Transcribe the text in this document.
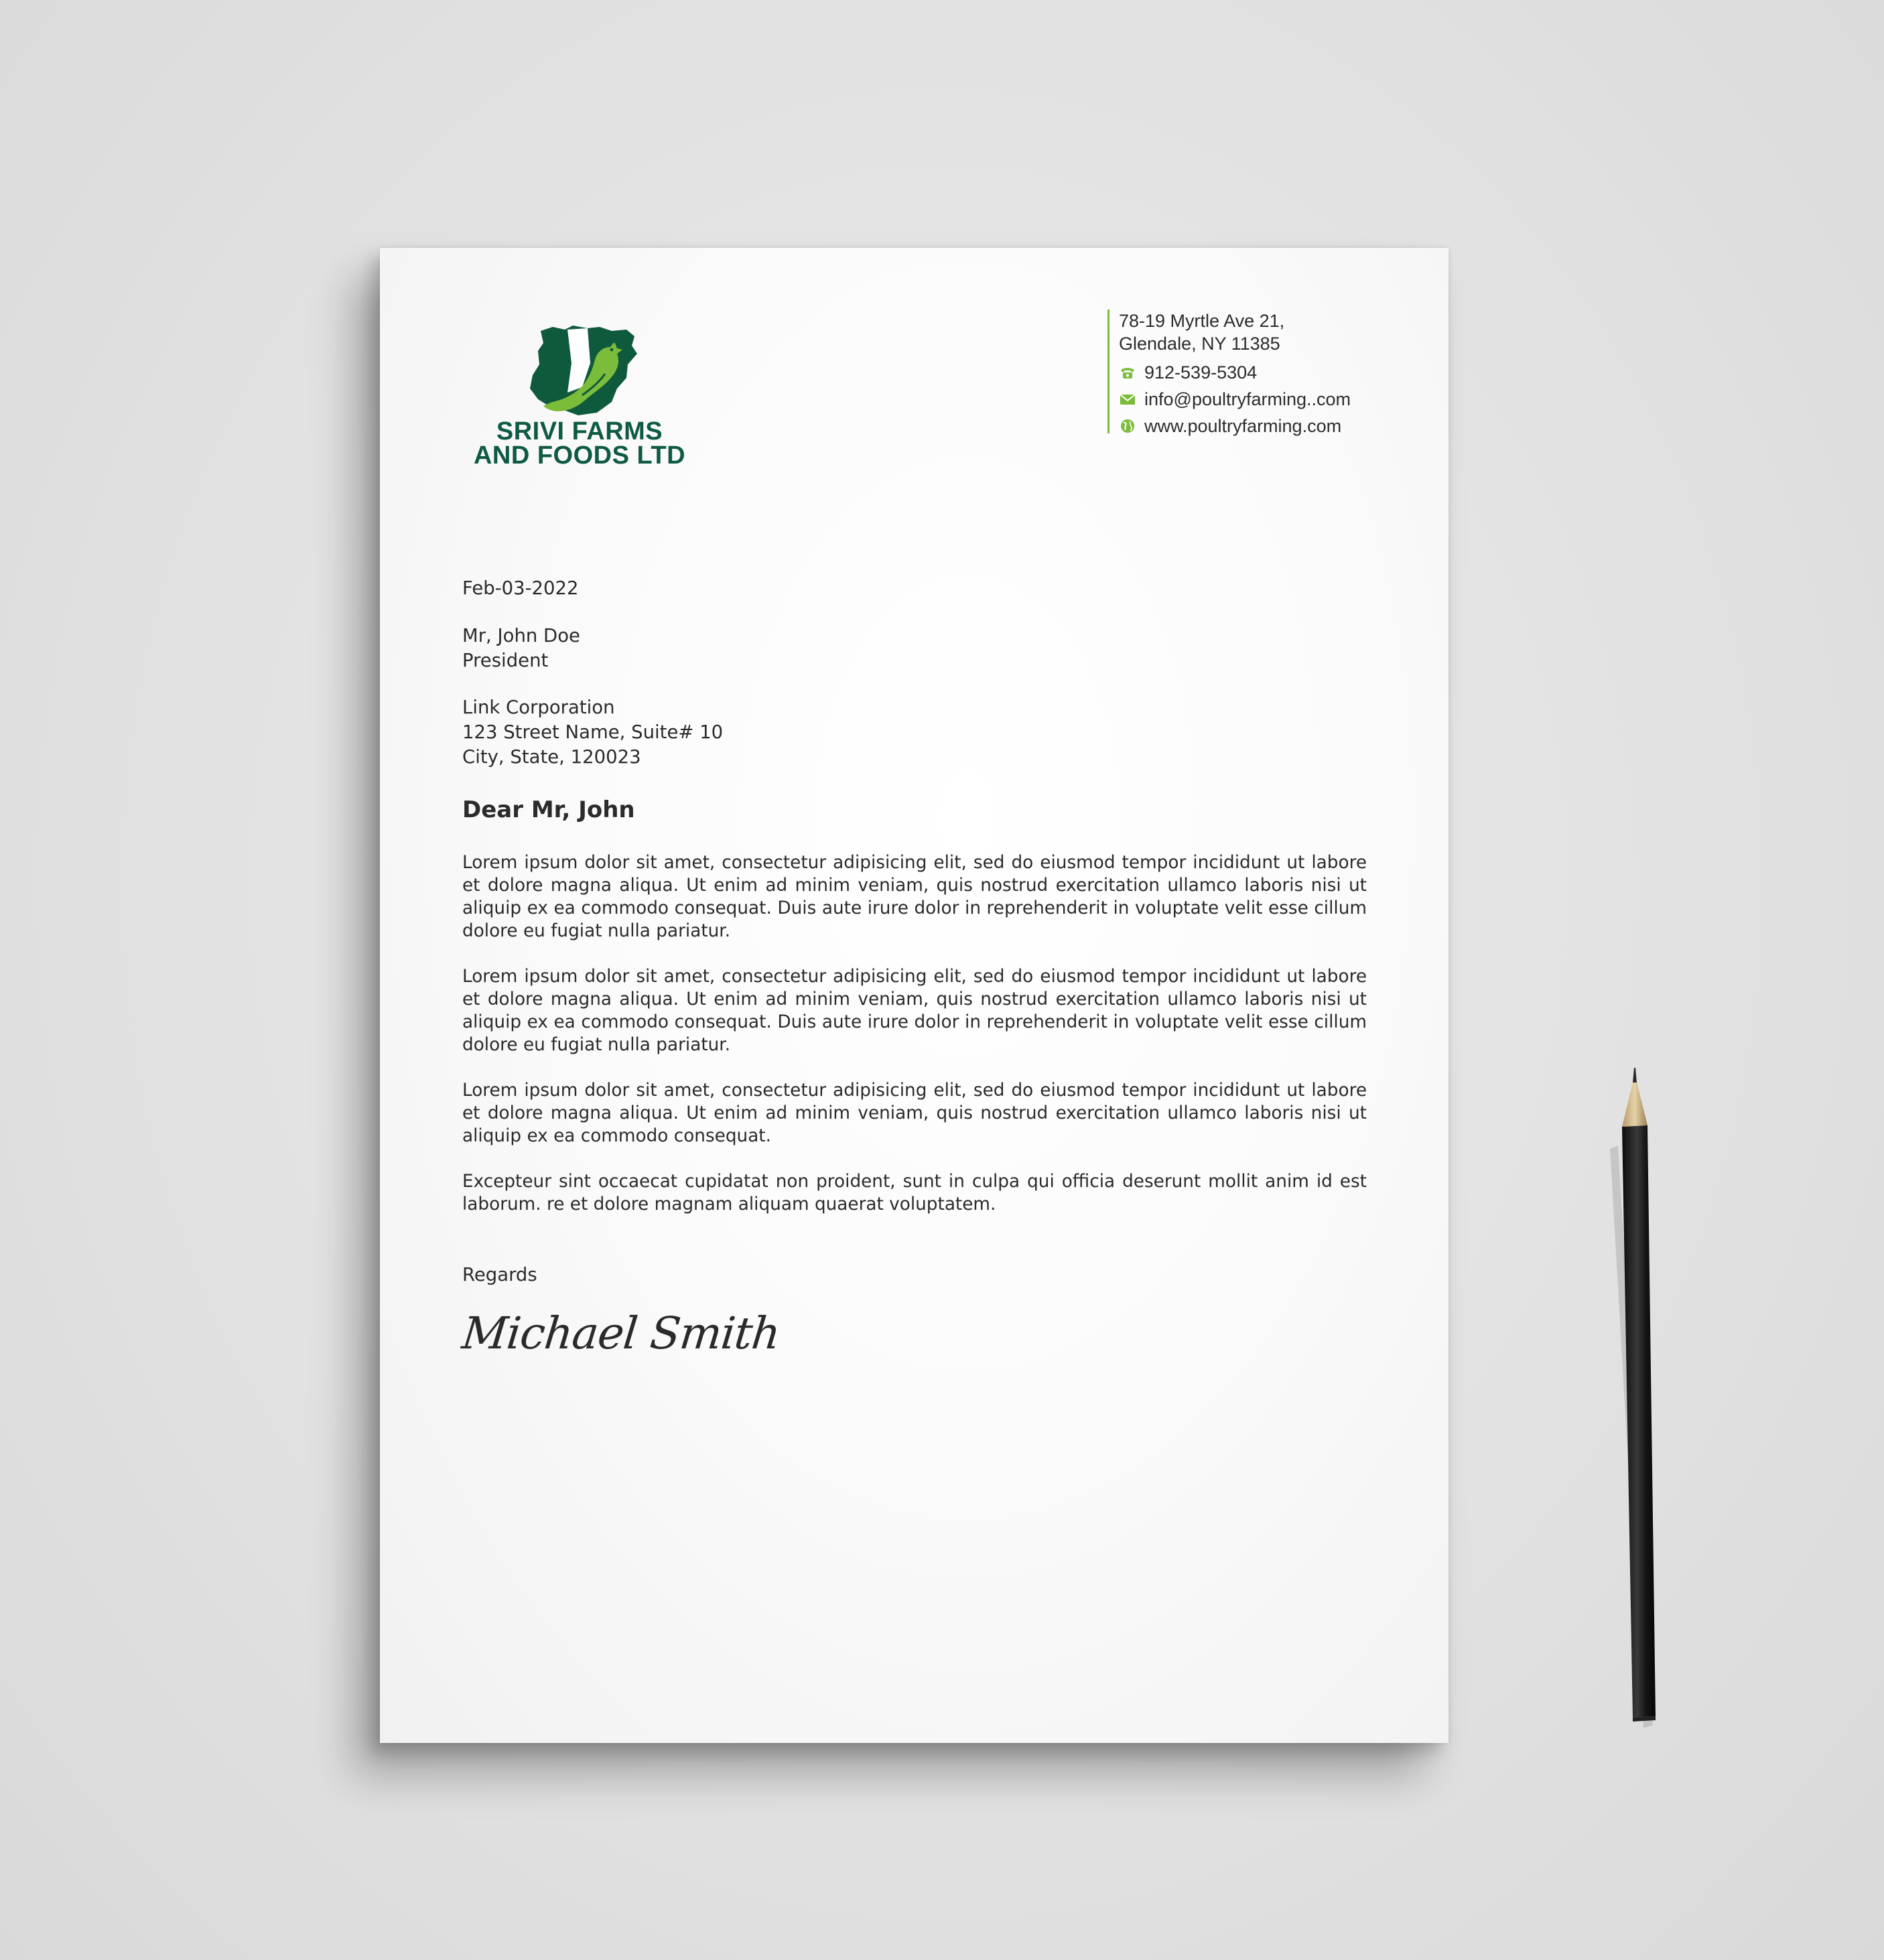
SRIVI FARMS
AND FOODS LTD
78-19 Myrtle Ave 21,
Glendale, NY 11385
912-539-5304
info@poultryfarming..com
www.poultryfarming.com
Feb-03-2022
Mr, John Doe
President
Link Corporation
123 Street Name, Suite# 10
City, State, 120023
Dear Mr, John

Lorem ipsum dolor sit amet, consectetur adipisicing elit, sed do eiusmod tempor incididunt ut labore et dolore magna aliqua. Ut enim ad minim veniam, quis nostrud exercitation ullamco laboris nisi ut aliquip ex ea commodo consequat. Duis aute irure dolor in reprehenderit in voluptate velit esse cillum dolore eu fugiat nulla pariatur.

Lorem ipsum dolor sit amet, consectetur adipisicing elit, sed do eiusmod tempor incididunt ut labore et dolore magna aliqua. Ut enim ad minim veniam, quis nostrud exercitation ullamco laboris nisi ut aliquip ex ea commodo consequat. Duis aute irure dolor in reprehenderit in voluptate velit esse cillum dolore eu fugiat nulla pariatur.

Lorem ipsum dolor sit amet, consectetur adipisicing elit, sed do eiusmod tempor incididunt ut labore et dolore magna aliqua. Ut enim ad minim veniam, quis nostrud exercitation ullamco laboris nisi ut aliquip ex ea commodo consequat.

Excepteur sint occaecat cupidatat non proident, sunt in culpa qui officia deserunt mollit anim id est laborum. re et dolore magnam aliquam quaerat voluptatem.

Regards
Michael Smith
